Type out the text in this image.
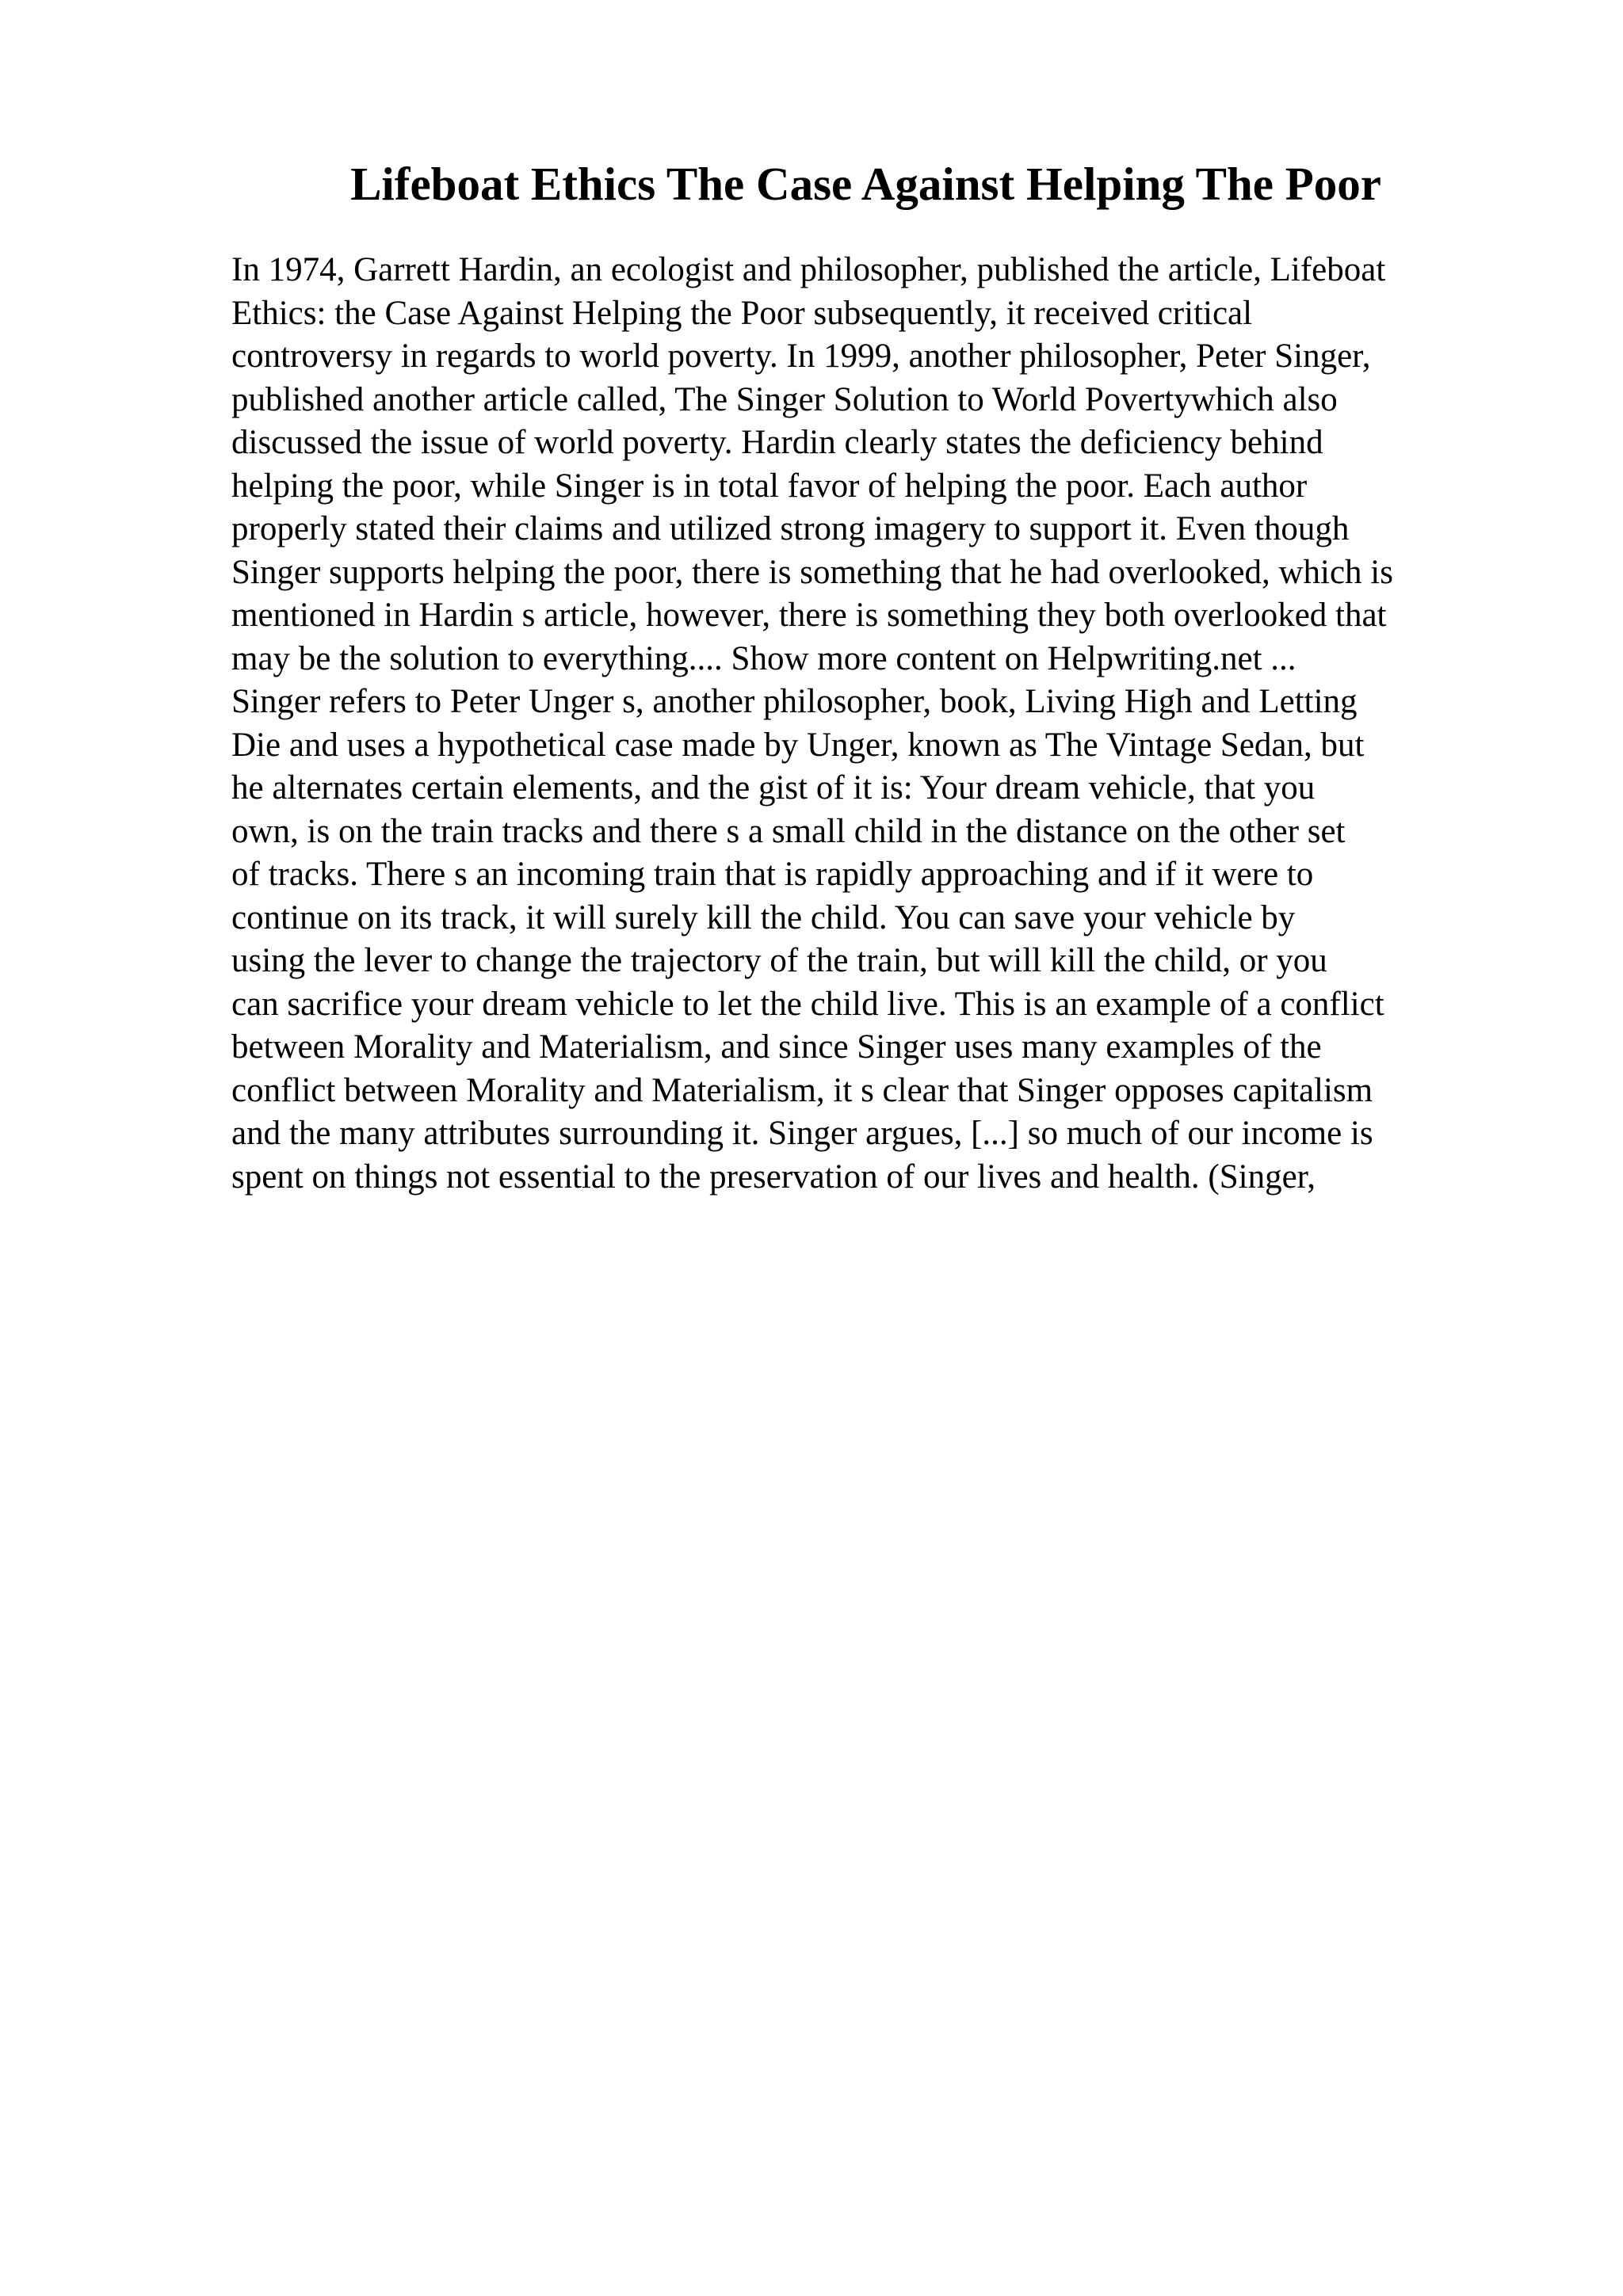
Lifeboat Ethics The Case Against Helping The Poor
In 1974, Garrett Hardin, an ecologist and philosopher, published the article, Lifeboat
Ethics: the Case Against Helping the Poor subsequently, it received critical
controversy in regards to world poverty. In 1999, another philosopher, Peter Singer,
published another article called, The Singer Solution to World Povertywhich also
discussed the issue of world poverty. Hardin clearly states the deficiency behind
helping the poor, while Singer is in total favor of helping the poor. Each author
properly stated their claims and utilized strong imagery to support it. Even though
Singer supports helping the poor, there is something that he had overlooked, which is
mentioned in Hardin s article, however, there is something they both overlooked that
may be the solution to everything.... Show more content on Helpwriting.net ...
Singer refers to Peter Unger s, another philosopher, book, Living High and Letting
Die and uses a hypothetical case made by Unger, known as The Vintage Sedan, but
he alternates certain elements, and the gist of it is: Your dream vehicle, that you
own, is on the train tracks and there s a small child in the distance on the other set
of tracks. There s an incoming train that is rapidly approaching and if it were to
continue on its track, it will surely kill the child. You can save your vehicle by
using the lever to change the trajectory of the train, but will kill the child, or you
can sacrifice your dream vehicle to let the child live. This is an example of a conflict
between Morality and Materialism, and since Singer uses many examples of the
conflict between Morality and Materialism, it s clear that Singer opposes capitalism
and the many attributes surrounding it. Singer argues, [...] so much of our income is
spent on things not essential to the preservation of our lives and health. (Singer,
